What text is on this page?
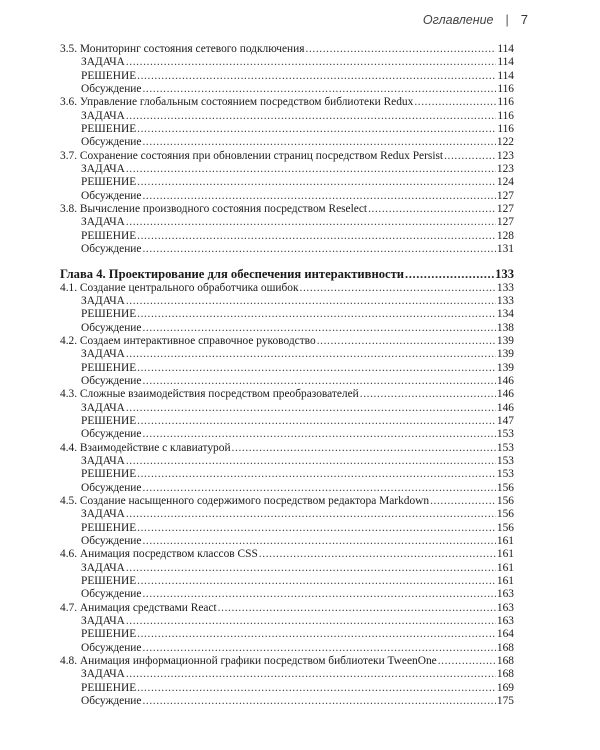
Оглавление | 7
3.5. Мониторинг состояния сетевого подключения .....	114
ЗАДАЧА .....	114
РЕШЕНИЕ .....	114
Обсуждение .....	116
3.6. Управление глобальным состоянием посредством библиотеки Redux .....	116
ЗАДАЧА .....	116
РЕШЕНИЕ .....	116
Обсуждение .....	122
3.7. Сохранение состояния при обновлении страниц посредством Redux Persist .....	123
ЗАДАЧА .....	123
РЕШЕНИЕ .....	124
Обсуждение .....	127
3.8. Вычисление производного состояния посредством Reselect .....	127
ЗАДАЧА .....	127
РЕШЕНИЕ .....	128
Обсуждение .....	131
Глава 4. Проектирование для обеспечения интерактивности .....	133
4.1. Создание центрального обработчика ошибок .....	133
ЗАДАЧА .....	133
РЕШЕНИЕ .....	134
Обсуждение .....	138
4.2. Создаем интерактивное справочное руководство .....	139
ЗАДАЧА .....	139
РЕШЕНИЕ .....	139
Обсуждение .....	146
4.3. Сложные взаимодействия посредством преобразователей .....	146
ЗАДАЧА .....	146
РЕШЕНИЕ .....	147
Обсуждение .....	153
4.4. Взаимодействие с клавиатурой .....	153
ЗАДАЧА .....	153
РЕШЕНИЕ .....	153
Обсуждение .....	156
4.5. Создание насыщенного содержимого посредством редактора Markdown .....	156
ЗАДАЧА .....	156
РЕШЕНИЕ .....	156
Обсуждение .....	161
4.6. Анимация посредством классов CSS .....	161
ЗАДАЧА .....	161
РЕШЕНИЕ .....	161
Обсуждение .....	163
4.7. Анимация средствами React .....	163
ЗАДАЧА .....	163
РЕШЕНИЕ .....	164
Обсуждение .....	168
4.8. Анимация информационной графики посредством библиотеки TweenOne .....	168
ЗАДАЧА .....	168
РЕШЕНИЕ .....	169
Обсуждение .....	175
